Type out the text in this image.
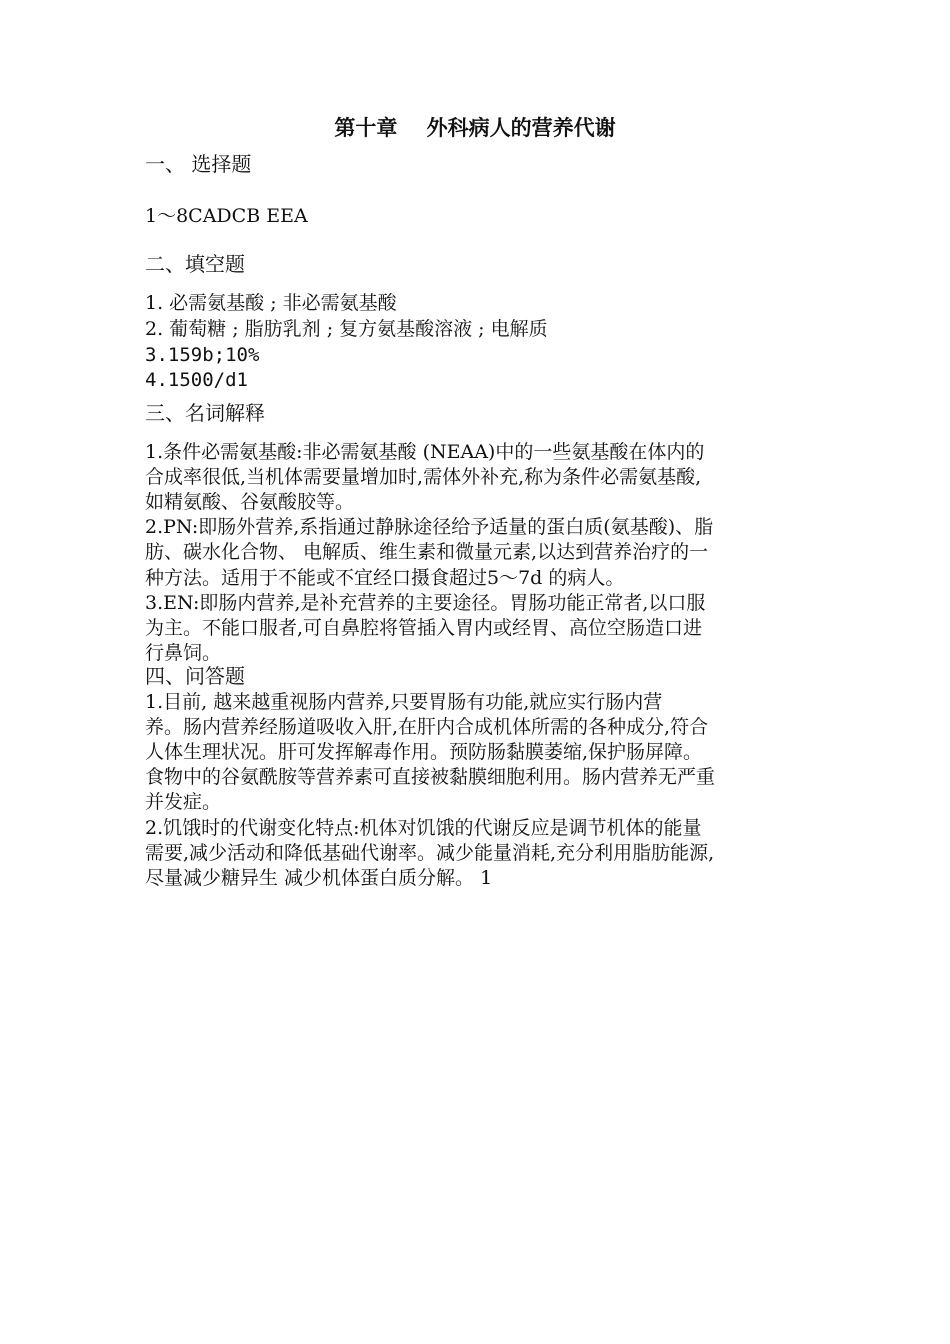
第十章    外科病人的营养代谢
一、 选择题
1～8CADCB EEA
二、填空题
1. 必需氨基酸 ; 非必需氨基酸
2. 葡萄糖 ; 脂肪乳剂 ; 复方氨基酸溶液 ; 电解质
3.159b;10%
4.1500/d1
三、名词解释
1.条件必需氨基酸:非必需氨基酸 (NEAA)中的一些氨基酸在体内的
合成率很低,当机体需要量增加时,需体外补充,称为条件必需氨基酸,
如精氨酸、谷氨酸胶等。
2.PN:即肠外营养,系指通过静脉途径给予适量的蛋白质(氨基酸)、脂
肪、碳水化合物、 电解质、维生素和微量元素,以达到营养治疗的一
种方法。适用于不能或不宜经口摄食超过5～7d 的病人。
3.EN:即肠内营养,是补充营养的主要途径。胃肠功能正常者,以口服
为主。不能口服者,可自鼻腔将管插入胃内或经胃、高位空肠造口进
行鼻饲。
四、问答题
1.目前, 越来越重视肠内营养,只要胃肠有功能,就应实行肠内营
养。肠内营养经肠道吸收入肝,在肝内合成机体所需的各种成分,符合
人体生理状况。肝可发挥解毒作用。预防肠黏膜萎缩,保护肠屏障。
食物中的谷氨酰胺等营养素可直接被黏膜细胞利用。肠内营养无严重
并发症。
2.饥饿时的代谢变化特点:机体对饥饿的代谢反应是调节机体的能量
需要,减少活动和降低基础代谢率。减少能量消耗,充分利用脂肪能源,
尽量减少糖异生 减少机体蛋白质分解。 1
